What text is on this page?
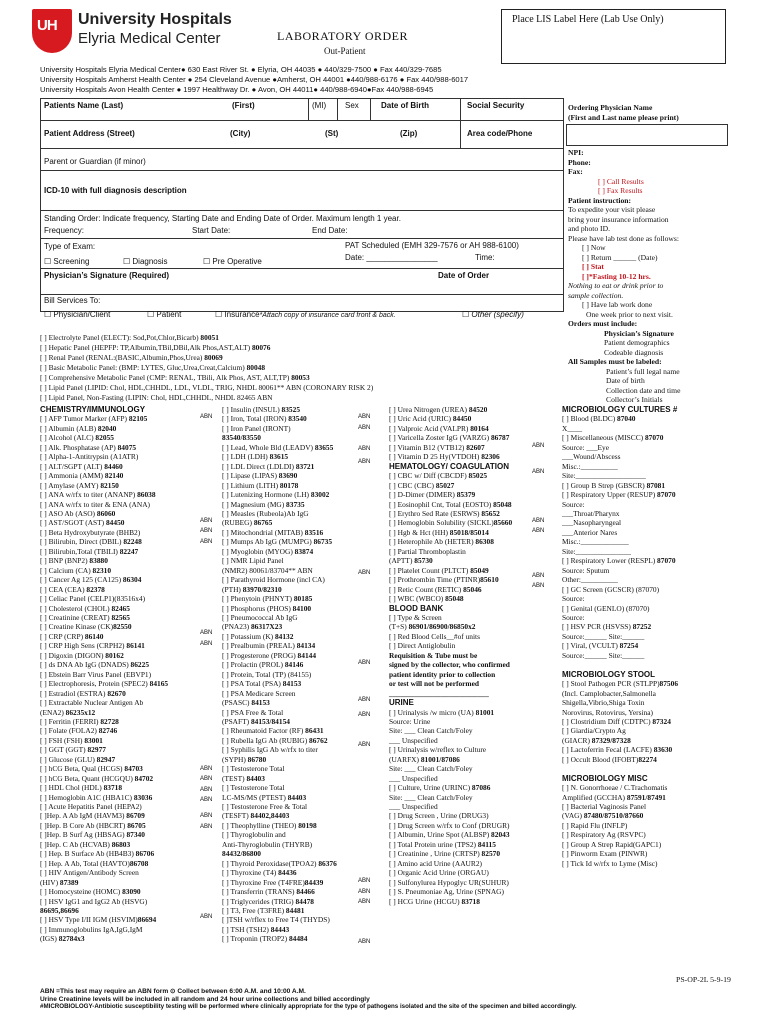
UH University Hospitals
Elyria Medical Center	LABORATORY ORDER
Out-Patient
Place LIS Label Here (Lab Use Only)
University Hospitals Elyria Medical Center● 630 East River St. ● Elyria, OH 44035 ● 440/329-7500 ● Fax 440/329-7685
University Hospitals Amherst Health Center ● 254 Cleveland Avenue ●Amherst, OH 44001 ●440/988-6176 ● Fax 440/988-6017
University Hospitals Avon Health Center ● 1997 Healthway Dr. ● Avon, OH 44011● 440/988-6940●Fax 440/988-6945
Patients Name (Last)	(First)	(MI) Sex	Date of Birth	Social Security
Patient Address (Street)	(City)	(St)	(Zip)	Area code/Phone
Parent or Guardian (if minor)
ICD-10 with full diagnosis description
Standing Order: Indicate frequency, Starting Date and Ending Date of Order. Maximum length 1 year.
Frequency:	Start Date:	End Date:
Type of Exam:
☐ Screening	☐ Diagnosis	☐ Pre Operative
PAT Scheduled (EMH 329-7576 or AH 988-6100)
Date: ________________	Time:
Physician’s Signature (Required)	Date of Order
Bill Services To:
☐ Physician/Client	☐ Patient	☐ Insurance*Attach copy of insurance card front & back.	☐ Other (specify)
Ordering Physician Name
(First and Last name please print)
NPI:
Phone:
Fax:
[ ] Call Results
[ ] Fax Results
Patient instruction:
To expedite your visit please
bring your insurance information
and photo ID.
Please have lab test done as follows:
[ ] Now
[ ] Return ______ (Date)
[ ] Stat
[ ]*Fasting 10-12 hrs.
Nothing to eat or drink prior to
sample collection.
[ ] Have lab work done
One week prior to next visit.
Orders must include:
Physician’s Signature
Patient demographics
Codeable diagnosis
All Samples must be labeled:
Patient’s full legal name
Date of birth
Collection date and time
Collector’s Initials
[ ] Electrolyte Panel (ELECT): Sod,Pot,Chlor,Bicarb) 80051
[ ] Hepatic Panel (HEPFP: TP,Albumin,TBil,DBil,Alk Phos,AST,ALT) 80076
[ ] Renal Panel (RENAL:(BASIC,Albumin,Phos,Urea) 80069
[ ] Basic Metabolic Panel: (BMP: LYTES, Gluc,Urea,Creat,Calcium) 80048
[ ] Comprehensive Metabolic Panel (CMP: RENAL, TBili, Alk Phos, AST, ALT,TP) 80053
[ ] Lipid Panel (LIPID: Chol, HDL,CHHDL, LDL, VLDL, TRIG, NHDL 80061** ABN (CORONARY RISK 2)
[ ] Lipid Panel, Non-Fasting (LIPIN: Chol, HDL,CHHDL, NHDL 82465 ABN
CHEMISTRY/IMMUNOLOGY
[ ] AFP Tumor Marker (AFP) 82105
[ ] Albumin (ALB) 82040
[ ] Alcohol (ALC) 82055
[ ] Alk. Phosphatase (AP) 84075
[ ] Alpha-1-Antitrypsin (A1ATR)
[ ] ALT/SGPT (ALT) 84460
[ ] Ammonia (AMM) 82140
[ ] Amylase (AMY) 82150
[ ] ANA w/rfx to titer (ANANP) 86038
[ ] ANA w/rfx to titer & ENA (ANA)
[ ] ASO Ab (ASO) 86060
[ ] AST/SGOT (AST) 84450
[ ] Beta Hydroxybutyrate (BHB2)
[ ] Bilirubin, Direct (DBIL) 82248
[ ] Bilirubin,Total (TBILI) 82247
[ ] BNP (BNP2) 83880
[ ] Calcium (CA) 82310
[ ] Cancer Ag 125 (CA125) 86304
[ ] CEA (CEA) 82378
[ ] Celiac Panel (CELP1)(83516x4)
[ ] Cholesterol (CHOL) 82465
[ ] Creatinine (CREAT) 82565
[ ] Creatine Kinase (CK)82550
[ ] CRP (CRP) 86140
[ ] CRP High Sens (CRPH2) 86141
[ ] Digoxin (DIGON) 80162
[ ] ds DNA Ab IgG (DNADS) 86225
[ ] Ebstein Barr Virus Panel (EBVP1)
[ ] Electrophoresis, Protein (SPEC2) 84165
[ ] Estradiol (ESTRA) 82670
[ ] Extractable Nuclear Antigen Ab
(ENA2) 86235x12
[ ] Ferritin (FERRI) 82728
[ ] Folate (FOLA2) 82746
[ ] FSH (FSH) 83001
[ ] GGT (GGT) 82977
[ ] Glucose (GLU) 82947
[ ] hCG Beta, Qual (HCGS) 84703
[ ] hCG Beta, Quant (HCGQU) 84702
[ ] HDL Chol (HDL) 83718
[ ] Hemoglobin A1C (HBA1C) 83036
[ ] Acute Hepatitis Panel (HEPA2)
[ ]Hep. A Ab IgM (HAVM3) 86709
[ ]Hep. B Core Ab (HBCRT) 86705
[ ]Hep. B Surf Ag (HBSAG) 87340
[ ]Hep. C Ab (HCVAB) 86803
[ ] Hep. B Surface Ab (HB4B3) 86706
[ ] Hep. A Ab, Total (HAVTO)86708
[ ] HIV Antigen/Antibody Screen
(HIV) 87389
[ ] Homocysteine (HOMC) 83090
[ ] HSV IgG1 and IgG2 Ab (HSVG)
86695,86696
[ ] HSV Type I/II IGM (HSVIM)86694
[ ] Immunoglobulins IgA,IgG,IgM
(IGS) 82784x3
[ ] Insulin (INSUL) 83525
[ ] Iron, Total (IRON) 83540
[ ] Iron Panel (IRONT)
83540/83550
[ ] Lead, Whole Bld (LEADV) 83655
[ ] LDH (LDH) 83615
[ ] LDL Direct (LDLDI) 83721
[ ] Lipase (LIPAS) 83690
[ ] Lithium (LITH) 80178
[ ] Lutenizing Hormone (LH) 83002
[ ] Magnesium (MG) 83735
[ ] Measles (Rubeola)Ab IgG
(RUBEG) 86765
[ ] Mitochondrial (MITAB) 83516
[ ] Mumps Ab IgG (MUMPG) 86735
[ ] Myoglobin (MYOG) 83874
[ ] NMR Lipid Panel
(NMR2) 80061/83704** ABN
[ ] Parathyroid Hormone (incl CA)
(PTH) 83970/82310
[ ] Phenytoin (PHNYT) 80185
[ ] Phosphorus (PHOS) 84100
[ ] Pneumococcal Ab IgG
(PNA23) 86317X23
[ ] Potassium (K) 84132
[ ] Prealbumin (PREAL) 84134
[ ] Progesterone (PROG) 84144
[ ] Prolactin (PROL) 84146
[ ] Protein, Total (TP) (84155)
[ ] PSA Total (PSA) 84153
[ ] PSA Medicare Screen
(PSASC) 84153
[ ] PSA Free & Total
(PSAFT) 84153/84154
[ ] Rheumatoid Factor (RF) 86431
[ ] Rubella IgG Ab (RUBIG) 86762
[ ] Syphilis IgG Ab w/rfx to titer
(SYPH) 86780
[ ] Testosterone Total
(TEST) 84403
[ ] Testosterone Total
LC-MS/MS (PTEST) 84403
[ ] Testosterone Free & Total
(TESFT) 84402,84403
[ ] Theophylline (THEO) 80198
[ ] Thyroglobulin and
Anti-Thyroglobulin (THYRB)
84432/86800
[ ] Thyroid Peroxidase(TPOA2) 86376
[ ] Thyroxine (T4) 84436
[ ] Thyroxine Free (T4FRE)84439
[ ] Transferrin (TRANS) 84466
[ ] Triglycerides (TRIG) 84478
[ ] T3, Free (T3FRE) 84481
[ ]TSH w/rflex to Free T4 (THYDS)
[ ] TSH (TSH2) 84443
[ ] Troponin (TROP2) 84484
[ ] Urea Nitrogen (UREA) 84520
[ ] Uric Acid (URIC) 84450
[ ] Valproic Acid (VALPR) 80164
[ ] Varicella Zoster IgG (VARZG) 86787
[ ] Vitamin B12 (VTB12) 82607
[ ] Vitamin D 25 Hy(VTDOH) 82306
HEMATOLOGY/ COAGULATION
[ ] CBC w/ Diff (CBCDF) 85025
[ ] CBC (CBC) 85027
[ ] D-Dimer (DIMER) 85379
[ ] Eosinophil Cnt, Total (EOSTO) 85048
[ ] Erythro Sed Rate (ESRWS) 85652
[ ] Hemoglobin Solubility (SICKL)85660
[ ] Hgb & Hct (HH) 85018/85014
[ ] Heterophile Ab (HETER) 86308
[ ] Partial Thromboplastin
(APTT) 85730
[ ] Platelet Count (PLTCT) 85049
[ ] Prothrombin Time (PTINR)85610
[ ] Retic Count (RETIC) 85046
[ ] WBC (WBCO) 85048
BLOOD BANK
[ ] Type & Screen
(T+S) 86901/86900/86850x2
[ ] Red Blood Cells__#of units
[ ] Direct Antiglobulin
Requisition & Tube must be
signed by the collector, who confirmed
patient identity prior to collection
or test will not be performed
___________________________
URINE
[ ] Urinalysis /w micro (UA) 81001
Source: Urine
Site: ___ Clean Catch/Foley
___ Unspecified
[ ] Urinalysis w/reflex to Culture
(UARFX) 81001/87086
Site: ___ Clean Catch/Foley
___ Unspecified
[ ] Culture, Urine (URINC) 87086
Site: ___ Clean Catch/Foley
___ Unspecified
[ ] Drug Screen , Urine (DRUG3)
[ ] Drug Screen w/rfx to Conf (DRUGR)
[ ] Albumin, Urine Spot (ALBSP) 82043
[ ] Total Protein urine (TPS2) 84115
[ ] Creatinine , Urine (CRTSP) 82570
[ ] Amino acid Urine (AAUR2)
[ ] Organic Acid Urine (ORGAU)
[ ] Sulfonylurea Hypoglyc UR(SUHUR)
[ ] S. Pneumoniae Ag, Urine (SPNAG)
[ ] HCG Urine (HCGU) 83718
MICROBIOLOGY CULTURES #
[ ] Blood (BLDC) 87040
X____
[ ] Miscellaneous (MISCC) 87070
Source: ___Eye
___Wound/Abscess
Misc.:__________
Site:___________________
[ ] Group B Strep (GBSCR) 87081
[ ] Respiratory Upper (RESUP) 87070
Source:
___Throat/Pharynx
___Nasopharyngeal
___Anterior Nares
Misc.:_____________
Site:_______________
[ ] Respiratory Lower (RESPL) 87070
Source: Sputum
Other:__________
[ ] GC Screen (GCSCR) (87070)
Source:
[ ] Genital (GENLO) (87070)
Source:
[ ] HSV PCR (HSVSS) 87252
Source:______ Site:______
[ ] Viral, (VCULT) 87254
Source:______ Site:______

MICROBIOLOGY STOOL
[ ] Stool Pathogen PCR (STLPP)87506
(Incl. Camplobacter,Salmonella
Shigella,Vibrio,Shiga Toxin
Norovirus, Rotovirus, Yersina)
[ ] Clostridium Diff (CDTPC) 87324
[ ] Giardia/Crypto Ag
(GIACR) 87329/87328
[ ] Lactoferrin Fecal (LACFE) 83630
[ ] Occult Blood (IFOBT)82274

MICROBIOLOGY MISC
[ ] N. Gonorrhoeae / C.Trachomatis
Amplified (GCCHA) 87591/87491
[ ] Bacterial Vaginosis Panel
(VAG) 87480/87510/87660
[ ] Rapid Flu (INFLP)
[ ] Respiratory Ag (RSVPC)
[ ] Group A Strep Rapid(GAPC1)
[ ] Pinworm Exam (PINWR)
[ ] Tick Id w/rfx to Lyme (Misc)
ABN
ABN
ABN
ABN
ABN
ABN
ABN
ABN
ABN
ABN
ABN
ABN
ABN
ABN
ABN
ABN
ABN
ABN
ABN
ABN
ABN
ABN
ABN
ABN
ABN
ABN
ABN
ABN
ABN
ABN
ABN
ABN
PS-OP-2L 5-9-19
ABN =This test may require an ABN form ⊙ Collect between 6:00 A.M. and 10:00 A.M.
Urine Creatinine levels will be included in all random and 24 hour urine collections and billed accordingly
#MICROBIOLOGY-Antibiotic susceptibility testing will be performed where clinically appropriate for the type of pathogens isolated and the site of the specimen and billed accordingly.
